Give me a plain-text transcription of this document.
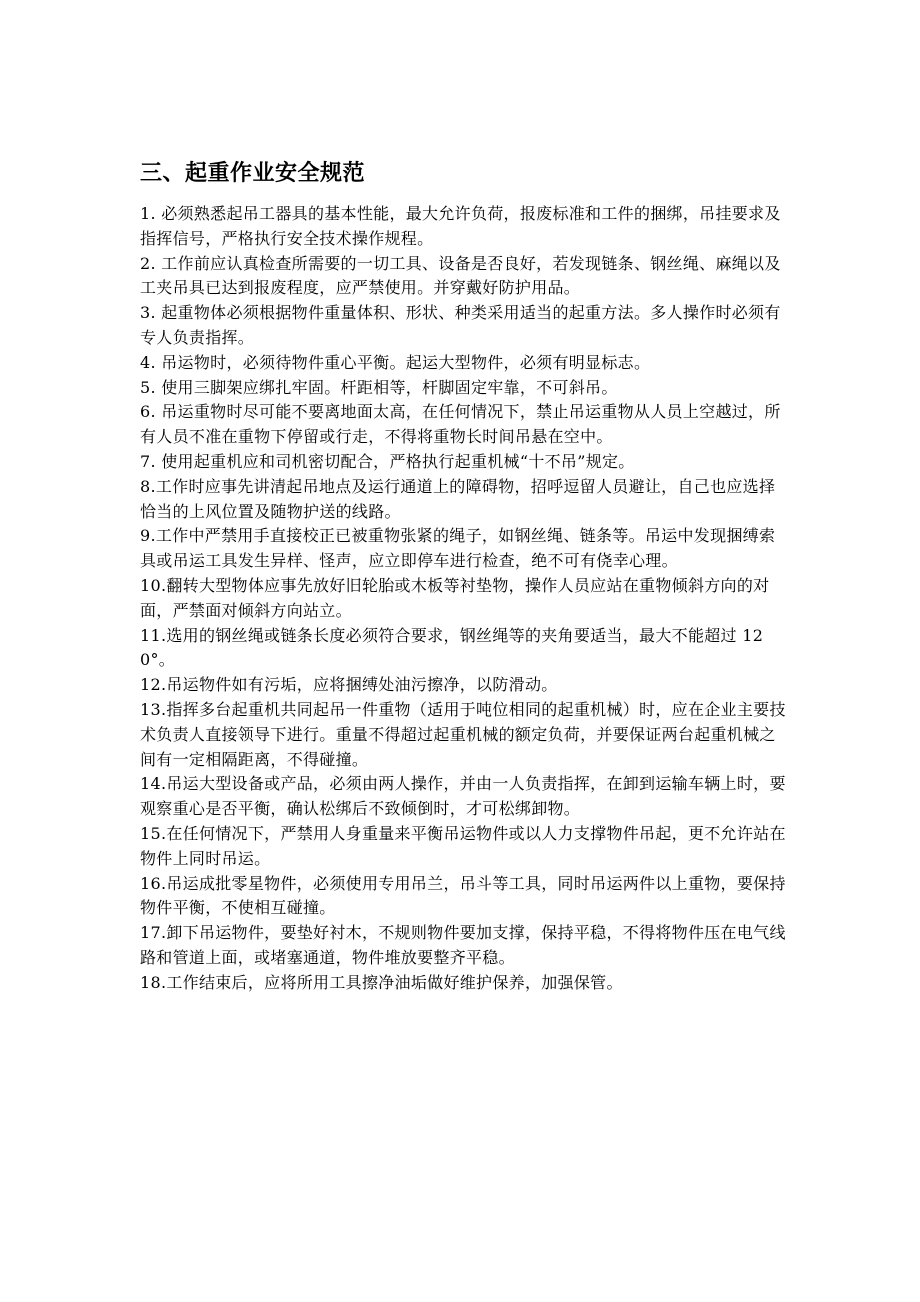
三、起重作业安全规范

1. 必须熟悉起吊工器具的基本性能，最大允许负荷，报废标准和工件的捆绑，吊挂要求及指挥信号，严格执行安全技术操作规程。

2. 工作前应认真检查所需要的一切工具、设备是否良好，若发现链条、钢丝绳、麻绳以及工夹吊具已达到报废程度，应严禁使用。并穿戴好防护用品。

3. 起重物体必须根据物件重量体积、形状、种类采用适当的起重方法。多人操作时必须有专人负责指挥。

4. 吊运物时，必须待物件重心平衡。起运大型物件，必须有明显标志。

5. 使用三脚架应绑扎牢固。杆距相等，杆脚固定牢靠，不可斜吊。

6. 吊运重物时尽可能不要离地面太高，在任何情况下，禁止吊运重物从人员上空越过，所有人员不准在重物下停留或行走，不得将重物长时间吊悬在空中。

7. 使用起重机应和司机密切配合，严格执行起重机械“十不吊”规定。

8.工作时应事先讲清起吊地点及运行通道上的障碍物，招呼逗留人员避让，自己也应选择恰当的上风位置及随物护送的线路。

9.工作中严禁用手直接校正已被重物张紧的绳子，如钢丝绳、链条等。吊运中发现捆缚索具或吊运工具发生异样、怪声，应立即停车进行检查，绝不可有侥幸心理。

10.翻转大型物体应事先放好旧轮胎或木板等衬垫物，操作人员应站在重物倾斜方向的对面，严禁面对倾斜方向站立。

11.选用的钢丝绳或链条长度必须符合要求，钢丝绳等的夹角要适当，最大不能超过 120°。

12.吊运物件如有污垢，应将捆缚处油污擦净，以防滑动。

13.指挥多台起重机共同起吊一件重物（适用于吨位相同的起重机械）时，应在企业主要技术负责人直接领导下进行。重量不得超过起重机械的额定负荷，并要保证两台起重机械之间有一定相隔距离，不得碰撞。

14.吊运大型设备或产品，必须由两人操作，并由一人负责指挥，在卸到运输车辆上时，要观察重心是否平衡，确认松绑后不致倾倒时，才可松绑卸物。

15.在任何情况下，严禁用人身重量来平衡吊运物件或以人力支撑物件吊起，更不允许站在物件上同时吊运。

16.吊运成批零星物件，必须使用专用吊兰，吊斗等工具，同时吊运两件以上重物，要保持物件平衡，不使相互碰撞。

17.卸下吊运物件，要垫好衬木，不规则物件要加支撑，保持平稳，不得将物件压在电气线路和管道上面，或堵塞通道，物件堆放要整齐平稳。

18.工作结束后，应将所用工具擦净油垢做好维护保养，加强保管。
